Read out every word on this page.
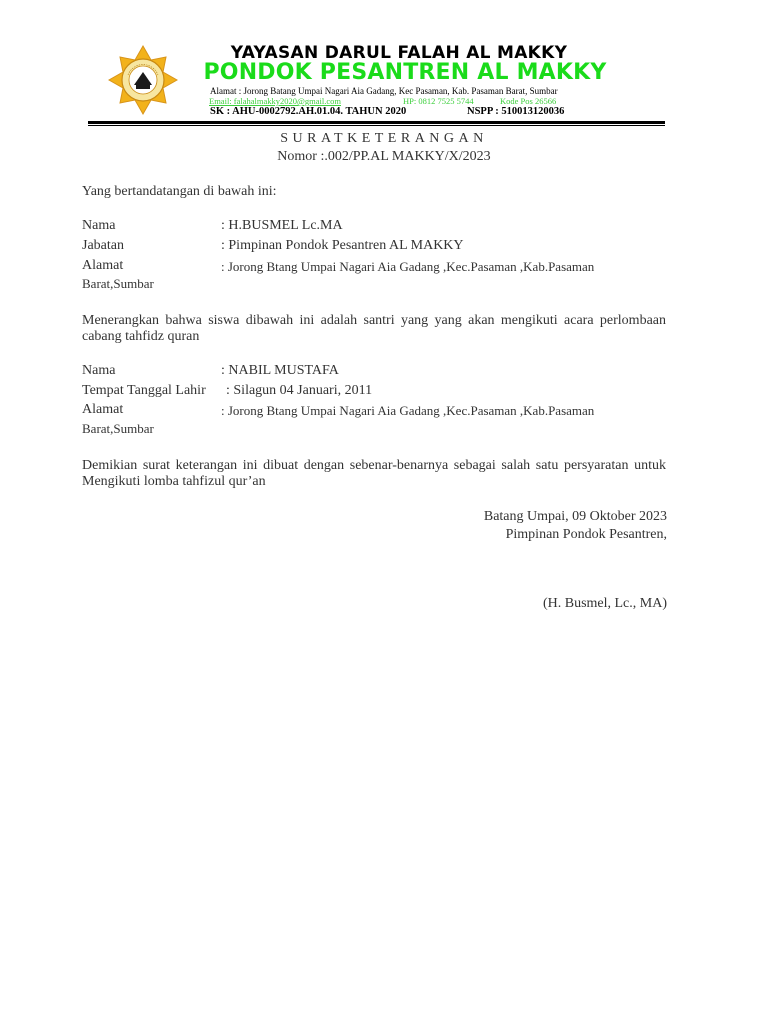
YAYASAN DARUL FALAH AL MAKKY
PONDOK PESANTREN AL MAKKY
Alamat : Jorong Batang Umpai Nagari Aia Gadang, Kec Pasaman, Kab. Pasaman Barat, Sumbar
Email: falahalmakky2020@gmail.com	HP: 0812 7525 5744	Kode Pos 26566
SK : AHU-0002792.AH.01.04. TAHUN 2020	NSPP : 510013120036
SURATKETERANGAN
Nomor :.002/PP.AL MAKKY/X/2023
Yang bertandatangan di bawah ini:
Nama	: H.BUSMEL Lc.MA
Jabatan	: Pimpinan Pondok Pesantren AL MAKKY
Alamat	: Jorong Btang Umpai Nagari Aia Gadang ,Kec.Pasaman ,Kab.Pasaman
Barat,Sumbar
Menerangkan bahwa siswa dibawah ini adalah santri yang yang akan mengikuti acara perlombaan cabang tahfidz quran
Nama	: NABIL MUSTAFA
Tempat Tanggal Lahir : Silagun 04 Januari, 2011
Alamat	: Jorong Btang Umpai Nagari Aia Gadang ,Kec.Pasaman ,Kab.Pasaman
Barat,Sumbar
Demikian surat keterangan ini dibuat dengan sebenar-benarnya sebagai salah satu persyaratan untuk Mengikuti lomba tahfizul qur’an
Batang Umpai, 09 Oktober 2023
Pimpinan Pondok Pesantren,
(H. Busmel, Lc., MA)
